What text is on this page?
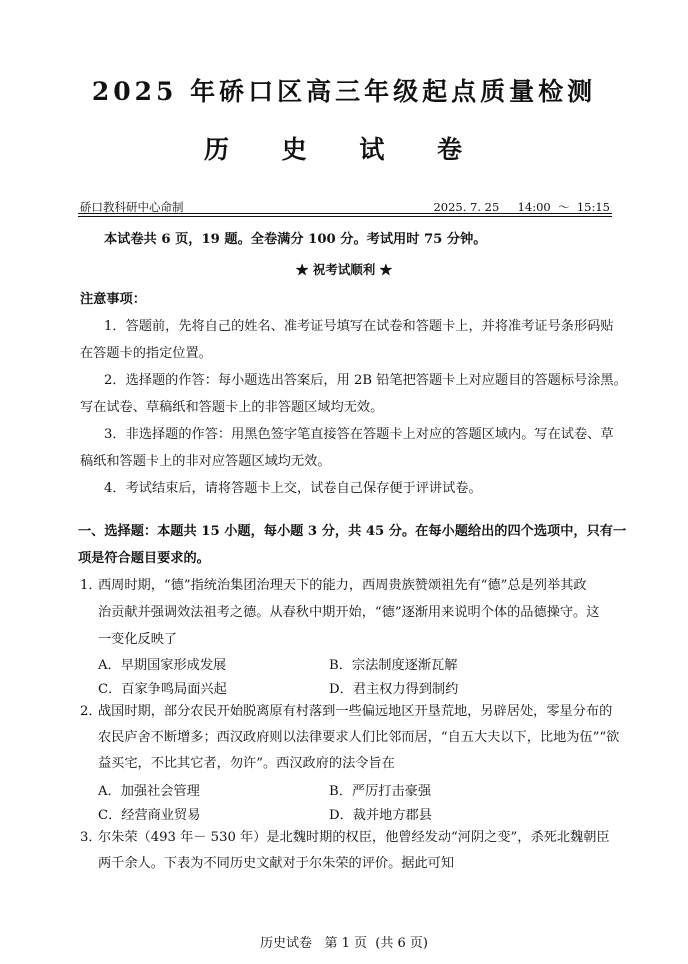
2025 年硚口区高三年级起点质量检测
历 史 试 卷
硚口教科研中心命制	2025. 7. 25     14:00  ～  15:15
本试卷共 6 页，19 题。全卷满分 100 分。考试用时 75 分钟。
★ 祝考试顺利 ★
注意事项：
1．答题前，先将自己的姓名、准考证号填写在试卷和答题卡上，并将准考证号条形码贴
在答题卡的指定位置。
2．选择题的作答：每小题选出答案后，用 2B 铅笔把答题卡上对应题目的答题标号涂黑。
写在试卷、草稿纸和答题卡上的非答题区域均无效。
3．非选择题的作答：用黑色签字笔直接答在答题卡上对应的答题区域内。写在试卷、草
稿纸和答题卡上的非对应答题区域均无效。
4．考试结束后，请将答题卡上交，试卷自己保存便于评讲试卷。
一、选择题：本题共 15 小题，每小题 3 分，共 45 分。在每小题给出的四个选项中，只有一
项是符合题目要求的。
1．
西周时期，“德”指统治集团治理天下的能力，西周贵族赞颂祖先有“德”总是列举其政
治贡献并强调效法祖考之德。从春秋中期开始，“德”逐渐用来说明个体的品德操守。这
一变化反映了
A．早期国家形成发展	B．宗法制度逐渐瓦解
C．百家争鸣局面兴起	D．君主权力得到制约
2．
战国时期，部分农民开始脱离原有村落到一些偏远地区开垦荒地，另辟居处，零星分布的
农民庐舍不断增多；西汉政府则以法律要求人们比邻而居，“自五大夫以下，比地为伍”“欲
益买宅，不比其它者，勿许”。西汉政府的法令旨在
A．加强社会管理	B．严厉打击豪强
C．经营商业贸易	D．裁并地方郡县
3．
尔朱荣（493 年－ 530 年）是北魏时期的权臣，他曾经发动“河阴之变”，杀死北魏朝臣
两千余人。下表为不同历史文献对于尔朱荣的评价。据此可知
历史试卷   第 1 页  (共 6 页)
